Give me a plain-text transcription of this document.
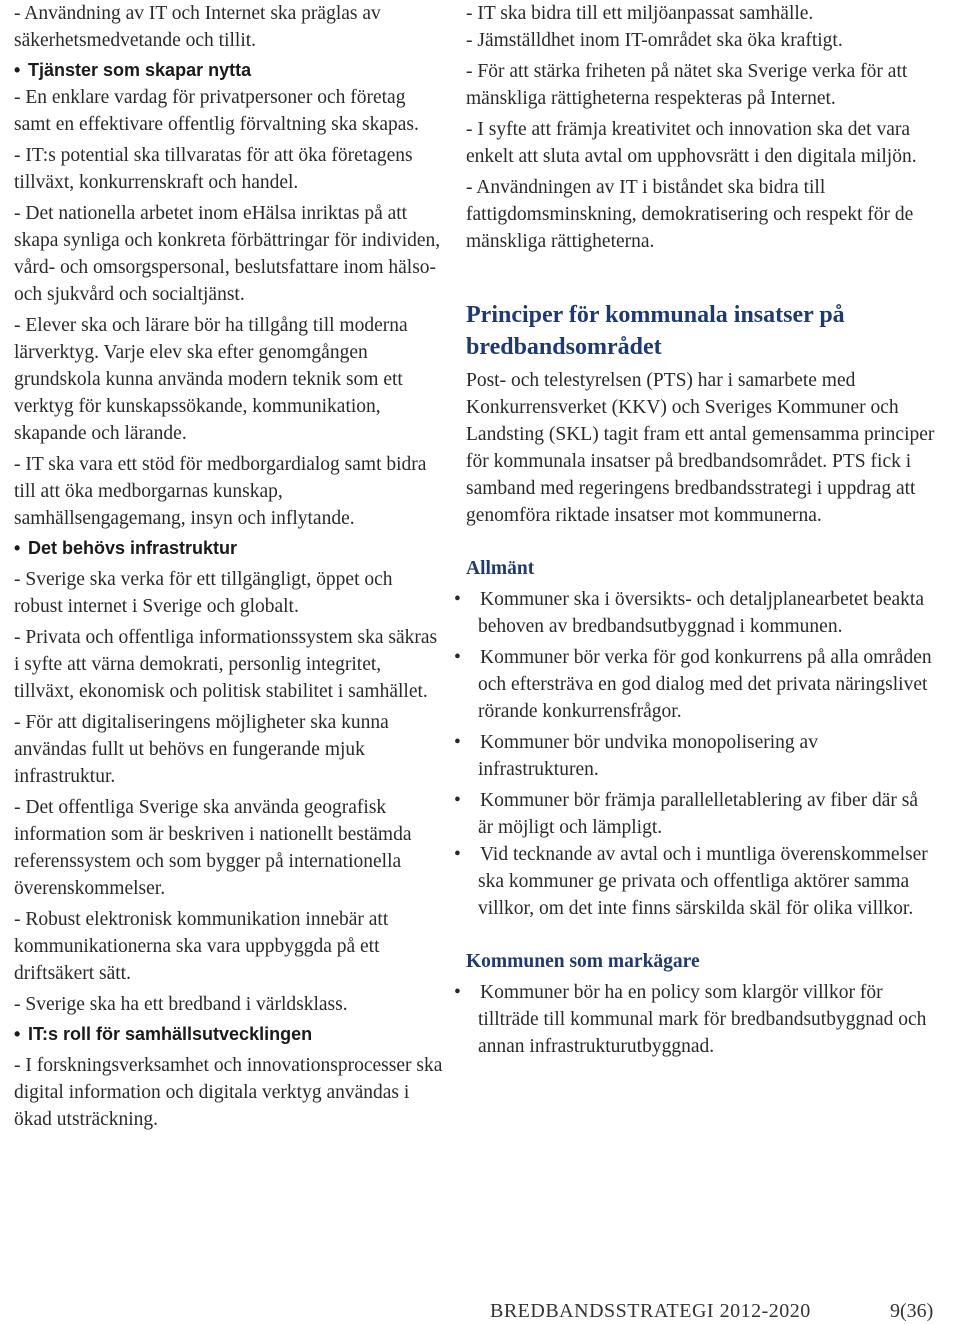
- Användning av IT och Internet ska präglas av säkerhetsmedvetande och tillit.

• Tjänster som skapar nytta

- En enklare vardag för privatpersoner och företag samt en effektivare offentlig förvaltning ska skapas.

- IT:s potential ska tillvaratas för att öka företagens tillväxt, konkurrenskraft och handel.

- Det nationella arbetet inom eHälsa inriktas på att skapa synliga och konkreta förbättringar för individen, vård- och omsorgspersonal, beslutsfattare inom hälso- och sjukvård och socialtjänst.

- Elever ska och lärare bör ha tillgång till moderna lärverktyg. Varje elev ska efter genomgången grundskola kunna använda modern teknik som ett verktyg för kunskapssökande, kommunikation, skapande och lärande.

- IT ska vara ett stöd för medborgardialog samt bidra till att öka medborgarnas kunskap, samhällsengagemang, insyn och inflytande.

• Det behövs infrastruktur

- Sverige ska verka för ett tillgängligt, öppet och robust internet i Sverige och globalt.

- Privata och offentliga informationssystem ska säkras i syfte att värna demokrati, personlig integritet, tillväxt, ekonomisk och politisk stabilitet i samhället.

- För att digitaliseringens möjligheter ska kunna användas fullt ut behövs en fungerande mjuk infrastruktur.

- Det offentliga Sverige ska använda geografisk information som är beskriven i nationellt bestämda referenssystem och som bygger på internationella överenskommelser.

- Robust elektronisk kommunikation innebär att kommunikationerna ska vara uppbyggda på ett driftsäkert sätt.

- Sverige ska ha ett bredband i världsklass.

• IT:s roll för samhällsutvecklingen

- I forskningsverksamhet och innovationsprocesser ska digital information och digitala verktyg användas i ökad utsträckning.

- IT ska bidra till ett miljöanpassat samhälle.

- Jämställdhet inom IT-området ska öka kraftigt.

- För att stärka friheten på nätet ska Sverige verka för att mänskliga rättigheterna respekteras på Internet.

- I syfte att främja kreativitet och innovation ska det vara enkelt att sluta avtal om upphovsrätt i den digitala miljön.

- Användningen av IT i biståndet ska bidra till fattigdomsminskning, demokratisering och respekt för de mänskliga rättigheterna.

Principer för kommunala insatser på bredbandsområdet

Post- och telestyrelsen (PTS) har i samarbete med Konkurrensverket (KKV) och Sveriges Kommuner och Landsting (SKL) tagit fram ett antal gemensamma principer för kommunala insatser på bredbandsområdet. PTS fick i samband med regeringens bredbandsstrategi i uppdrag att genomföra riktade insatser mot kommunerna.

Allmänt

• Kommuner ska i översikts- och detaljplanearbetet beakta behoven av bredbandsutbyggnad i kommunen.

• Kommuner bör verka för god konkurrens på alla områden och eftersträva en god dialog med det privata näringslivet rörande konkurrensfrågor.

• Kommuner bör undvika monopolisering av infrastrukturen.

• Kommuner bör främja parallelletablering av fiber där så är möjligt och lämpligt.

• Vid tecknande av avtal och i muntliga överenskommelser ska kommuner ge privata och offentliga aktörer samma villkor, om det inte finns särskilda skäl för olika villkor.

Kommunen som markägare

• Kommuner bör ha en policy som klargör villkor för tillträde till kommunal mark för bredbandsutbyggnad och annan infrastrukturutbyggnad.

BREDBANDSSTRATEGI 2012-2020	9(36)
